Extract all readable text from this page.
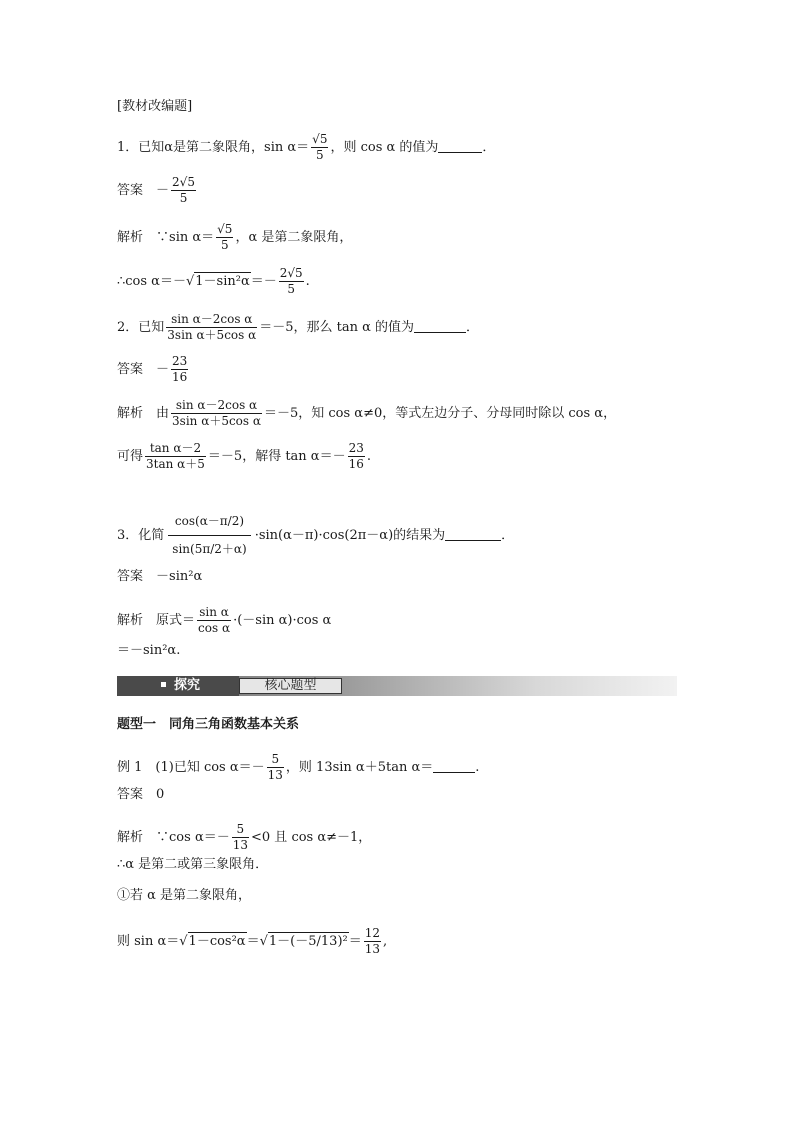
[教材改编题]
1．已知α是第二象限角，$\sin \alpha= \frac{√5}{5}$ ，则 cos α 的值为	．
答案　 － $\frac{2√5}{5}$
解析　 ∵sin $\alpha= \frac{√5}{5}$ ，α 是第二象限角，
∴cos $\alpha=-√1-\sin^2\alpha=- \frac{2√5}{5}$ .
2．已知 $\frac{\text{sin α－2cos α}}{\text{3sin α＋5cos α}} =-5$，那么 tan α 的值为	．
答案　 － $\frac{23}{16}$
解析　 由 $\frac{\text{sin α－2cos α}}{\text{3sin α＋5cos α}} =-5$，知 cos α≠0，等式左边分子、分母同时除以 cos α，
可得 $\frac{\text{tan α－2}}{\text{3tan α＋5}} =-5$，解得 $\tan \alpha=- \frac{23}{16}$ .
3．化简 $\frac{\cos(\alpha-\pi/2)}{\sin(5\pi/2+\alpha)} \cdot\sin(\alpha-\pi)\cdot\cos(2\pi-\alpha)$的结果为	．
答案　 －sin²α
解析　 原式＝ $\frac{\text{sin α}}{\text{cos α}} \cdot(-\sin$ α)·cos α
＝－sin²α.
探究	核心题型
题型一　同角三角函数基本关系
例 1　(1)已知 $\cos \alpha=- \frac{5}{13}$ ，则 13sin α＋5tan α＝	.
答案　 0
解析　 ∵cos $\alpha=- \frac{5}{13} <0$ 且 cos α≠－1，
∴α 是第二或第三象限角．
①若 α 是第二象限角，
则 $\sin \alpha=√1-\cos^2\alpha=√1-(-5/13)^2= \frac{12}{13}$ ,
